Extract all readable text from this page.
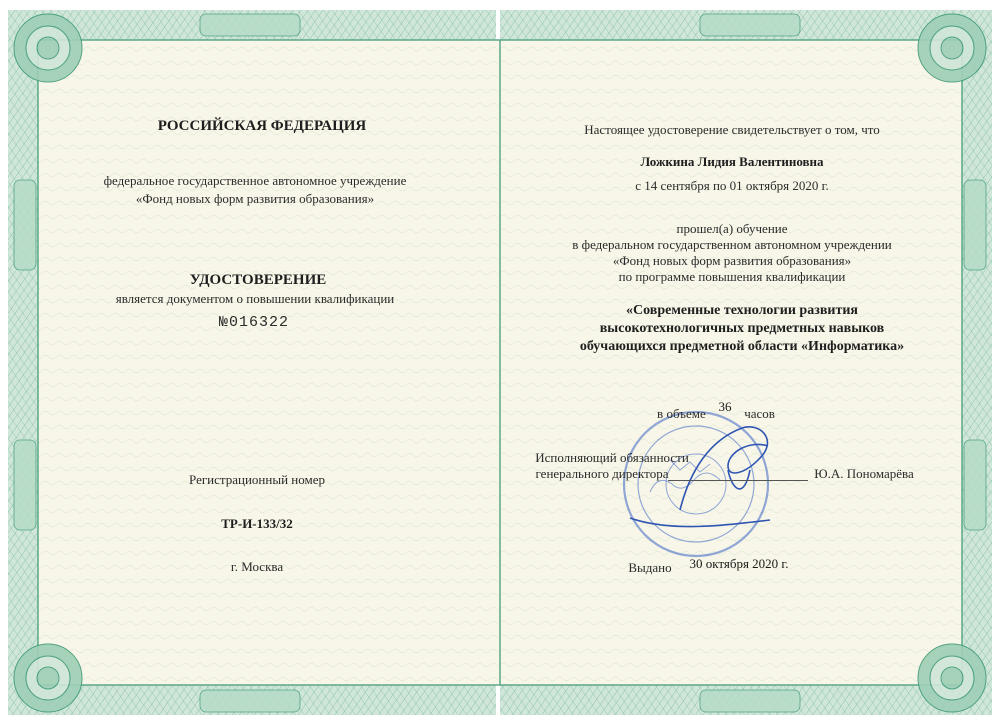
РОССИЙСКАЯ ФЕДЕРАЦИЯ
федеральное государственное автономное учреждение
«Фонд новых форм развития образования»
УДОСТОВЕРЕНИЕ
является документом о повышении квалификации
№016322
Регистрационный номер
ТР-И-133/32
г. Москва
Настоящее удостоверение свидетельствует о том, что
Ложкина Лидия Валентиновна
с 14 сентября по 01 октября 2020 г.
прошел(а) обучение
в федеральном государственном автономном учреждении
«Фонд новых форм развития образования»
по программе повышения квалификации
«Современные технологии развития
высокотехнологичных предметных навыков
обучающихся предметной области «Информатика»
в объеме 36 часов
Исполняющий обязанности
генерального директора	Ю.А. Пономарёва
Выдано 30 октября 2020 г.
